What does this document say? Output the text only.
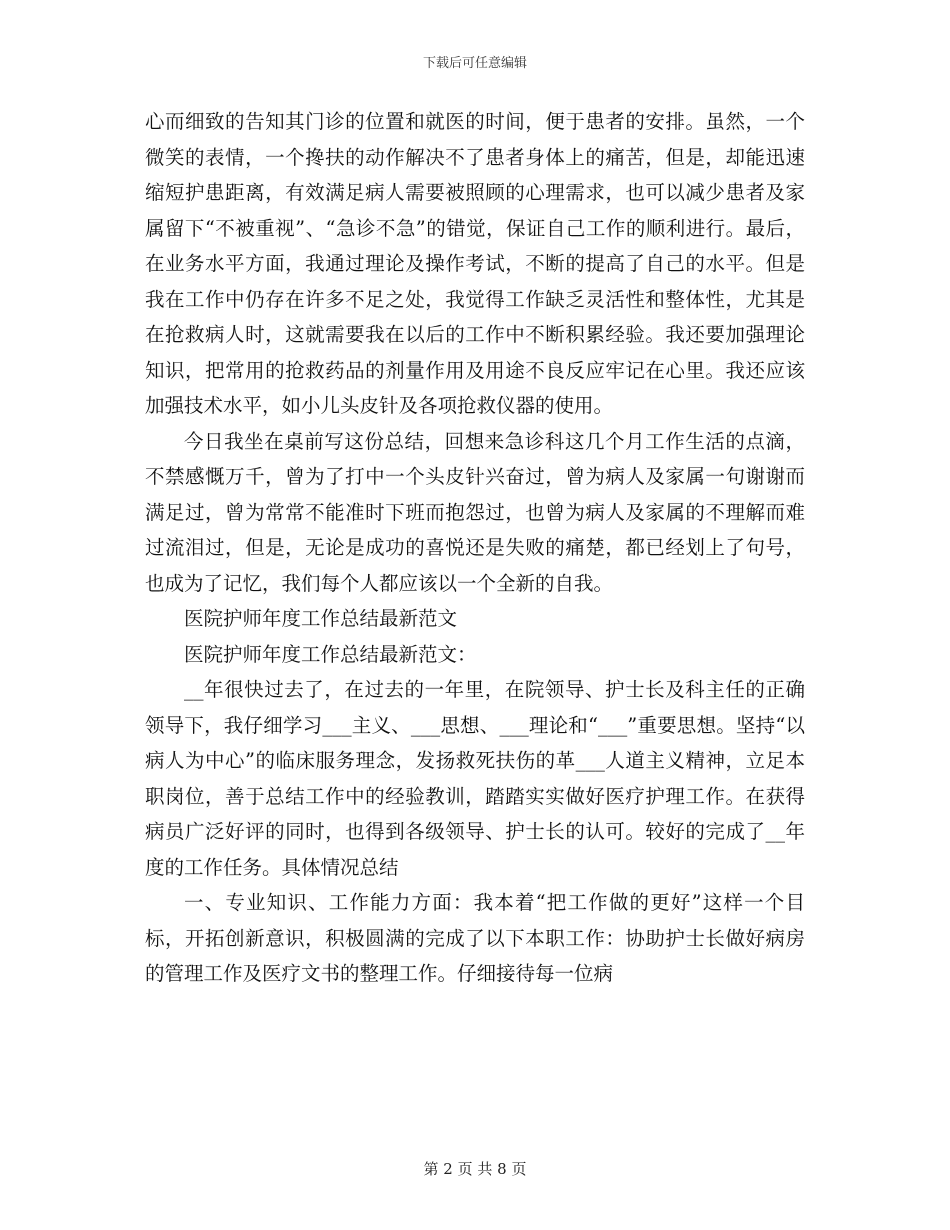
下载后可任意编辑

心而细致的告知其门诊的位置和就医的时间，便于患者的安排。虽然，一个微笑的表情，一个搀扶的动作解决不了患者身体上的痛苦，但是，却能迅速缩短护患距离，有效满足病人需要被照顾的心理需求，也可以减少患者及家属留下“不被重视”、“急诊不急”的错觉，保证自己工作的顺利进行。最后，在业务水平方面，我通过理论及操作考试，不断的提高了自己的水平。但是我在工作中仍存在许多不足之处，我觉得工作缺乏灵活性和整体性，尤其是在抢救病人时，这就需要我在以后的工作中不断积累经验。我还要加强理论知识，把常用的抢救药品的剂量作用及用途不良反应牢记在心里。我还应该加强技术水平，如小儿头皮针及各项抢救仪器的使用。

今日我坐在桌前写这份总结，回想来急诊科这几个月工作生活的点滴，不禁感慨万千，曾为了打中一个头皮针兴奋过，曾为病人及家属一句谢谢而满足过，曾为常常不能准时下班而抱怨过，也曾为病人及家属的不理解而难过流泪过，但是，无论是成功的喜悦还是失败的痛楚，都已经划上了句号，也成为了记忆，我们每个人都应该以一个全新的自我。

医院护师年度工作总结最新范文

医院护师年度工作总结最新范文：

__年很快过去了，在过去的一年里，在院领导、护士长及科主任的正确领导下，我仔细学习___主义、___思想、___理论和“___”重要思想。坚持“以病人为中心”的临床服务理念，发扬救死扶伤的革___人道主义精神，立足本职岗位，善于总结工作中的经验教训，踏踏实实做好医疗护理工作。在获得病员广泛好评的同时，也得到各级领导、护士长的认可。较好的完成了__年度的工作任务。具体情况总结

一、专业知识、工作能力方面：我本着“把工作做的更好”这样一个目标，开拓创新意识，积极圆满的完成了以下本职工作：协助护士长做好病房的管理工作及医疗文书的整理工作。仔细接待每一位病

第 2 页 共 8 页
